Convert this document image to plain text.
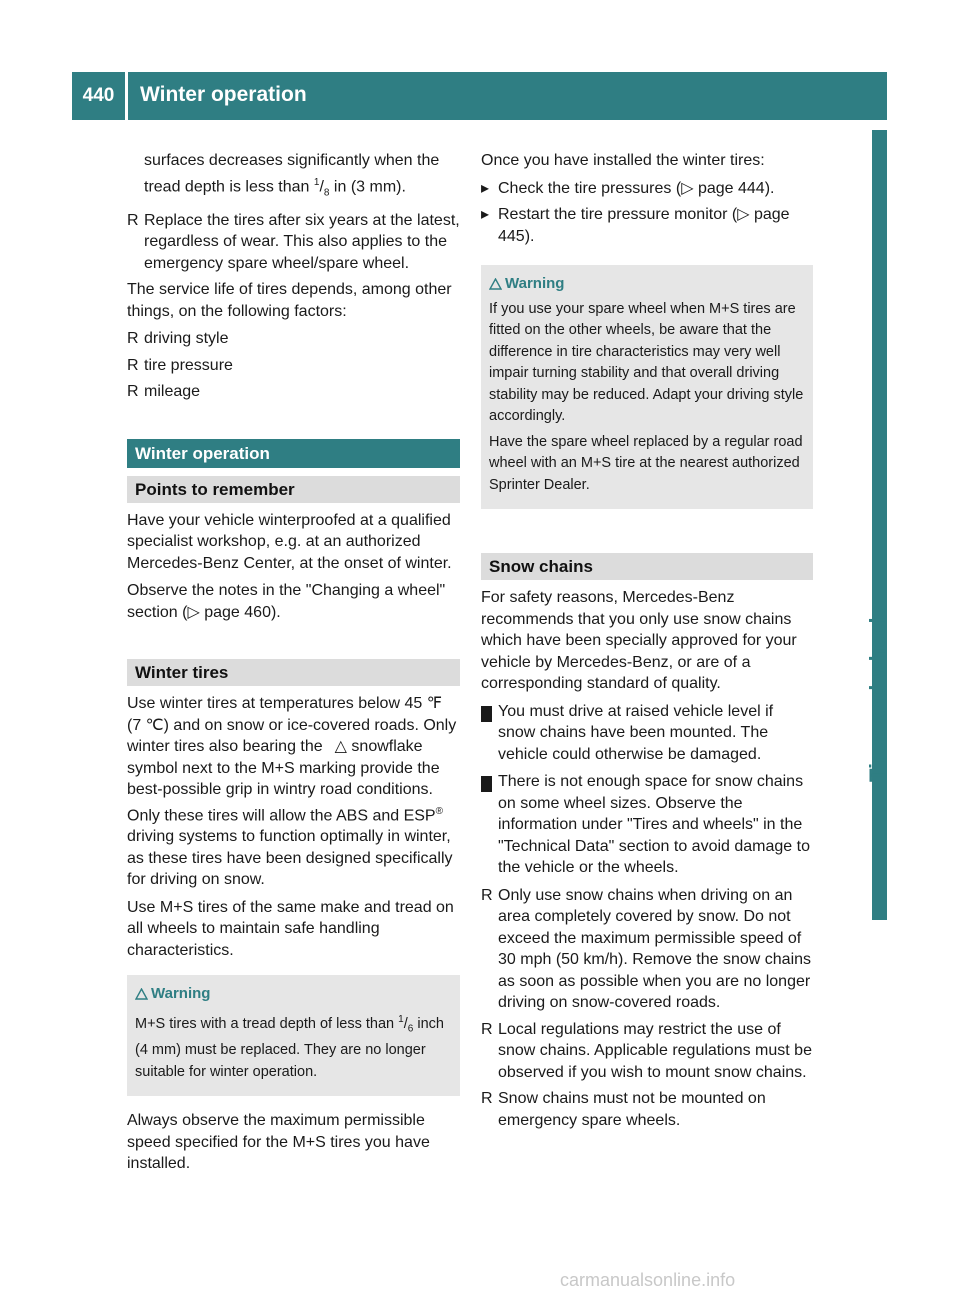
440	Winter operation
Tires and wheels

surfaces decreases significantly when the tread depth is less than $^1/_8$ in (3 mm).

R Replace the tires after six years at the latest, regardless of wear. This also applies to the emergency spare wheel/spare wheel.

The service life of tires depends, among other things, on the following factors:

R driving style
R tire pressure
R mileage
Winter operation
Points to remember

Have your vehicle winterproofed at a qualified specialist workshop, e.g. at an authorized Mercedes-Benz Center, at the onset of winter.

Observe the notes in the "Changing a wheel" section (▷ page 460).

Winter tires

Use winter tires at temperatures below 45 ℉ (7 ℃) and on snow or ice-covered roads. Only winter tires also bearing the △ snowflake symbol next to the M+S marking provide the best-possible grip in wintry road conditions. Only these tires will allow the ABS and ESP® driving systems to function optimally in winter, as these tires have been designed specifically for driving on snow.

Use M+S tires of the same make and tread on all wheels to maintain safe handling characteristics.

Warning

M+S tires with a tread depth of less than $^1/_6$ inch (4 mm) must be replaced. They are no longer suitable for winter operation.

Always observe the maximum permissible speed specified for the M+S tires you have installed.

Once you have installed the winter tires:

▸ Check the tire pressures (▷ page 444).
▸ Restart the tire pressure monitor (▷ page 445).
Warning

If you use your spare wheel when M+S tires are fitted on the other wheels, be aware that the difference in tire characteristics may very well impair turning stability and that overall driving stability may be reduced. Adapt your driving style accordingly.

Have the spare wheel replaced by a regular road wheel with an M+S tire at the nearest authorized Sprinter Dealer.

Snow chains

For safety reasons, Mercedes-Benz recommends that you only use snow chains which have been specially approved for your vehicle by Mercedes-Benz, or are of a corresponding standard of quality.

! You must drive at raised vehicle level if snow chains have been mounted. The vehicle could otherwise be damaged.

! There is not enough space for snow chains on some wheel sizes. Observe the information under "Tires and wheels" in the "Technical Data" section to avoid damage to the vehicle or the wheels.

R Only use snow chains when driving on an area completely covered by snow. Do not exceed the maximum permissible speed of 30 mph (50 km/h). Remove the snow chains as soon as possible when you are no longer driving on snow-covered roads.
R Local regulations may restrict the use of snow chains. Applicable regulations must be observed if you wish to mount snow chains.
R Snow chains must not be mounted on emergency spare wheels.
carmanualsonline.info
